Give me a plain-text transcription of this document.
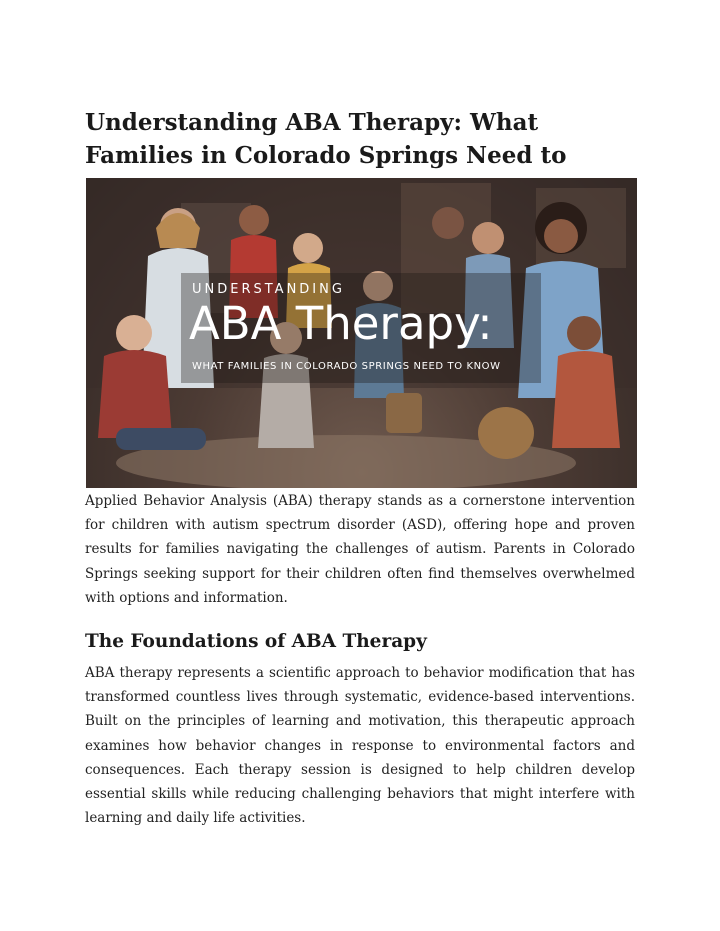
Understanding ABA Therapy: What Families in Colorado Springs Need to
UNDERSTANDING
ABA Therapy:
WHAT FAMILIES IN COLORADO SPRINGS NEED TO KNOW

Applied Behavior Analysis (ABA) therapy stands as a cornerstone intervention for children with autism spectrum disorder (ASD), offering hope and proven results for families navigating the challenges of autism. Parents in Colorado Springs seeking support for their children often find themselves overwhelmed with options and information.

The Foundations of ABA Therapy

ABA therapy represents a scientific approach to behavior modification that has transformed countless lives through systematic, evidence-based interventions. Built on the principles of learning and motivation, this therapeutic approach examines how behavior changes in response to environmental factors and consequences. Each therapy session is designed to help children develop essential skills while reducing challenging behaviors that might interfere with learning and daily life activities.
